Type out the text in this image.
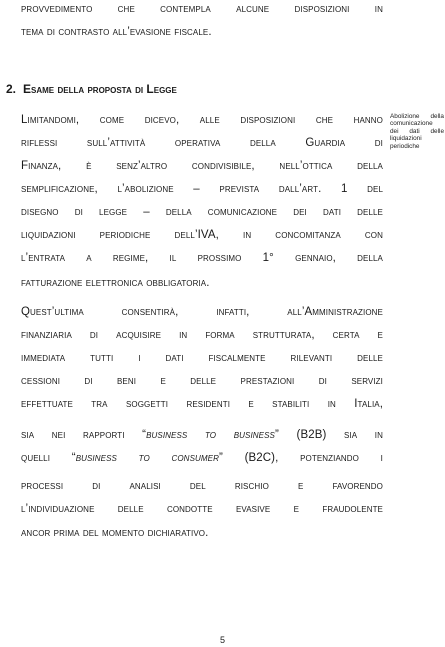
provvedimento che contempla alcune disposizioni in
tema di contrasto all’evasione fiscale.
2. Esame della proposta di Legge
Limitandomi, come dicevo, alle disposizioni che hanno
riflessi sull’attività operativa della Guardia di
Finanza, è senz’altro condivisibile, nell’ottica della
semplificazione, l’abolizione – prevista dall’art. 1 del
disegno di legge – della comunicazione dei dati delle
liquidazioni periodiche dell’IVA, in concomitanza con
l’entrata a regime, il prossimo 1° gennaio, della
fatturazione elettronica obbligatoria.
Quest’ultima consentirà, infatti, all’Amministrazione
finanziaria di acquisire in forma strutturata, certa e
immediata tutti i dati fiscalmente rilevanti delle
cessioni di beni e delle prestazioni di servizi
effettuate tra soggetti residenti e stabiliti in Italia,
sia nei rapporti “business to business” (B2B) sia in
quelli “business to consumer” (B2C), potenziando i
processi di analisi del rischio e favorendo
l’individuazione delle condotte evasive e fraudolente
ancor prima del momento dichiarativo.
Abolizione della
comunicazione
dei dati delle
liquidazioni
periodiche
5
